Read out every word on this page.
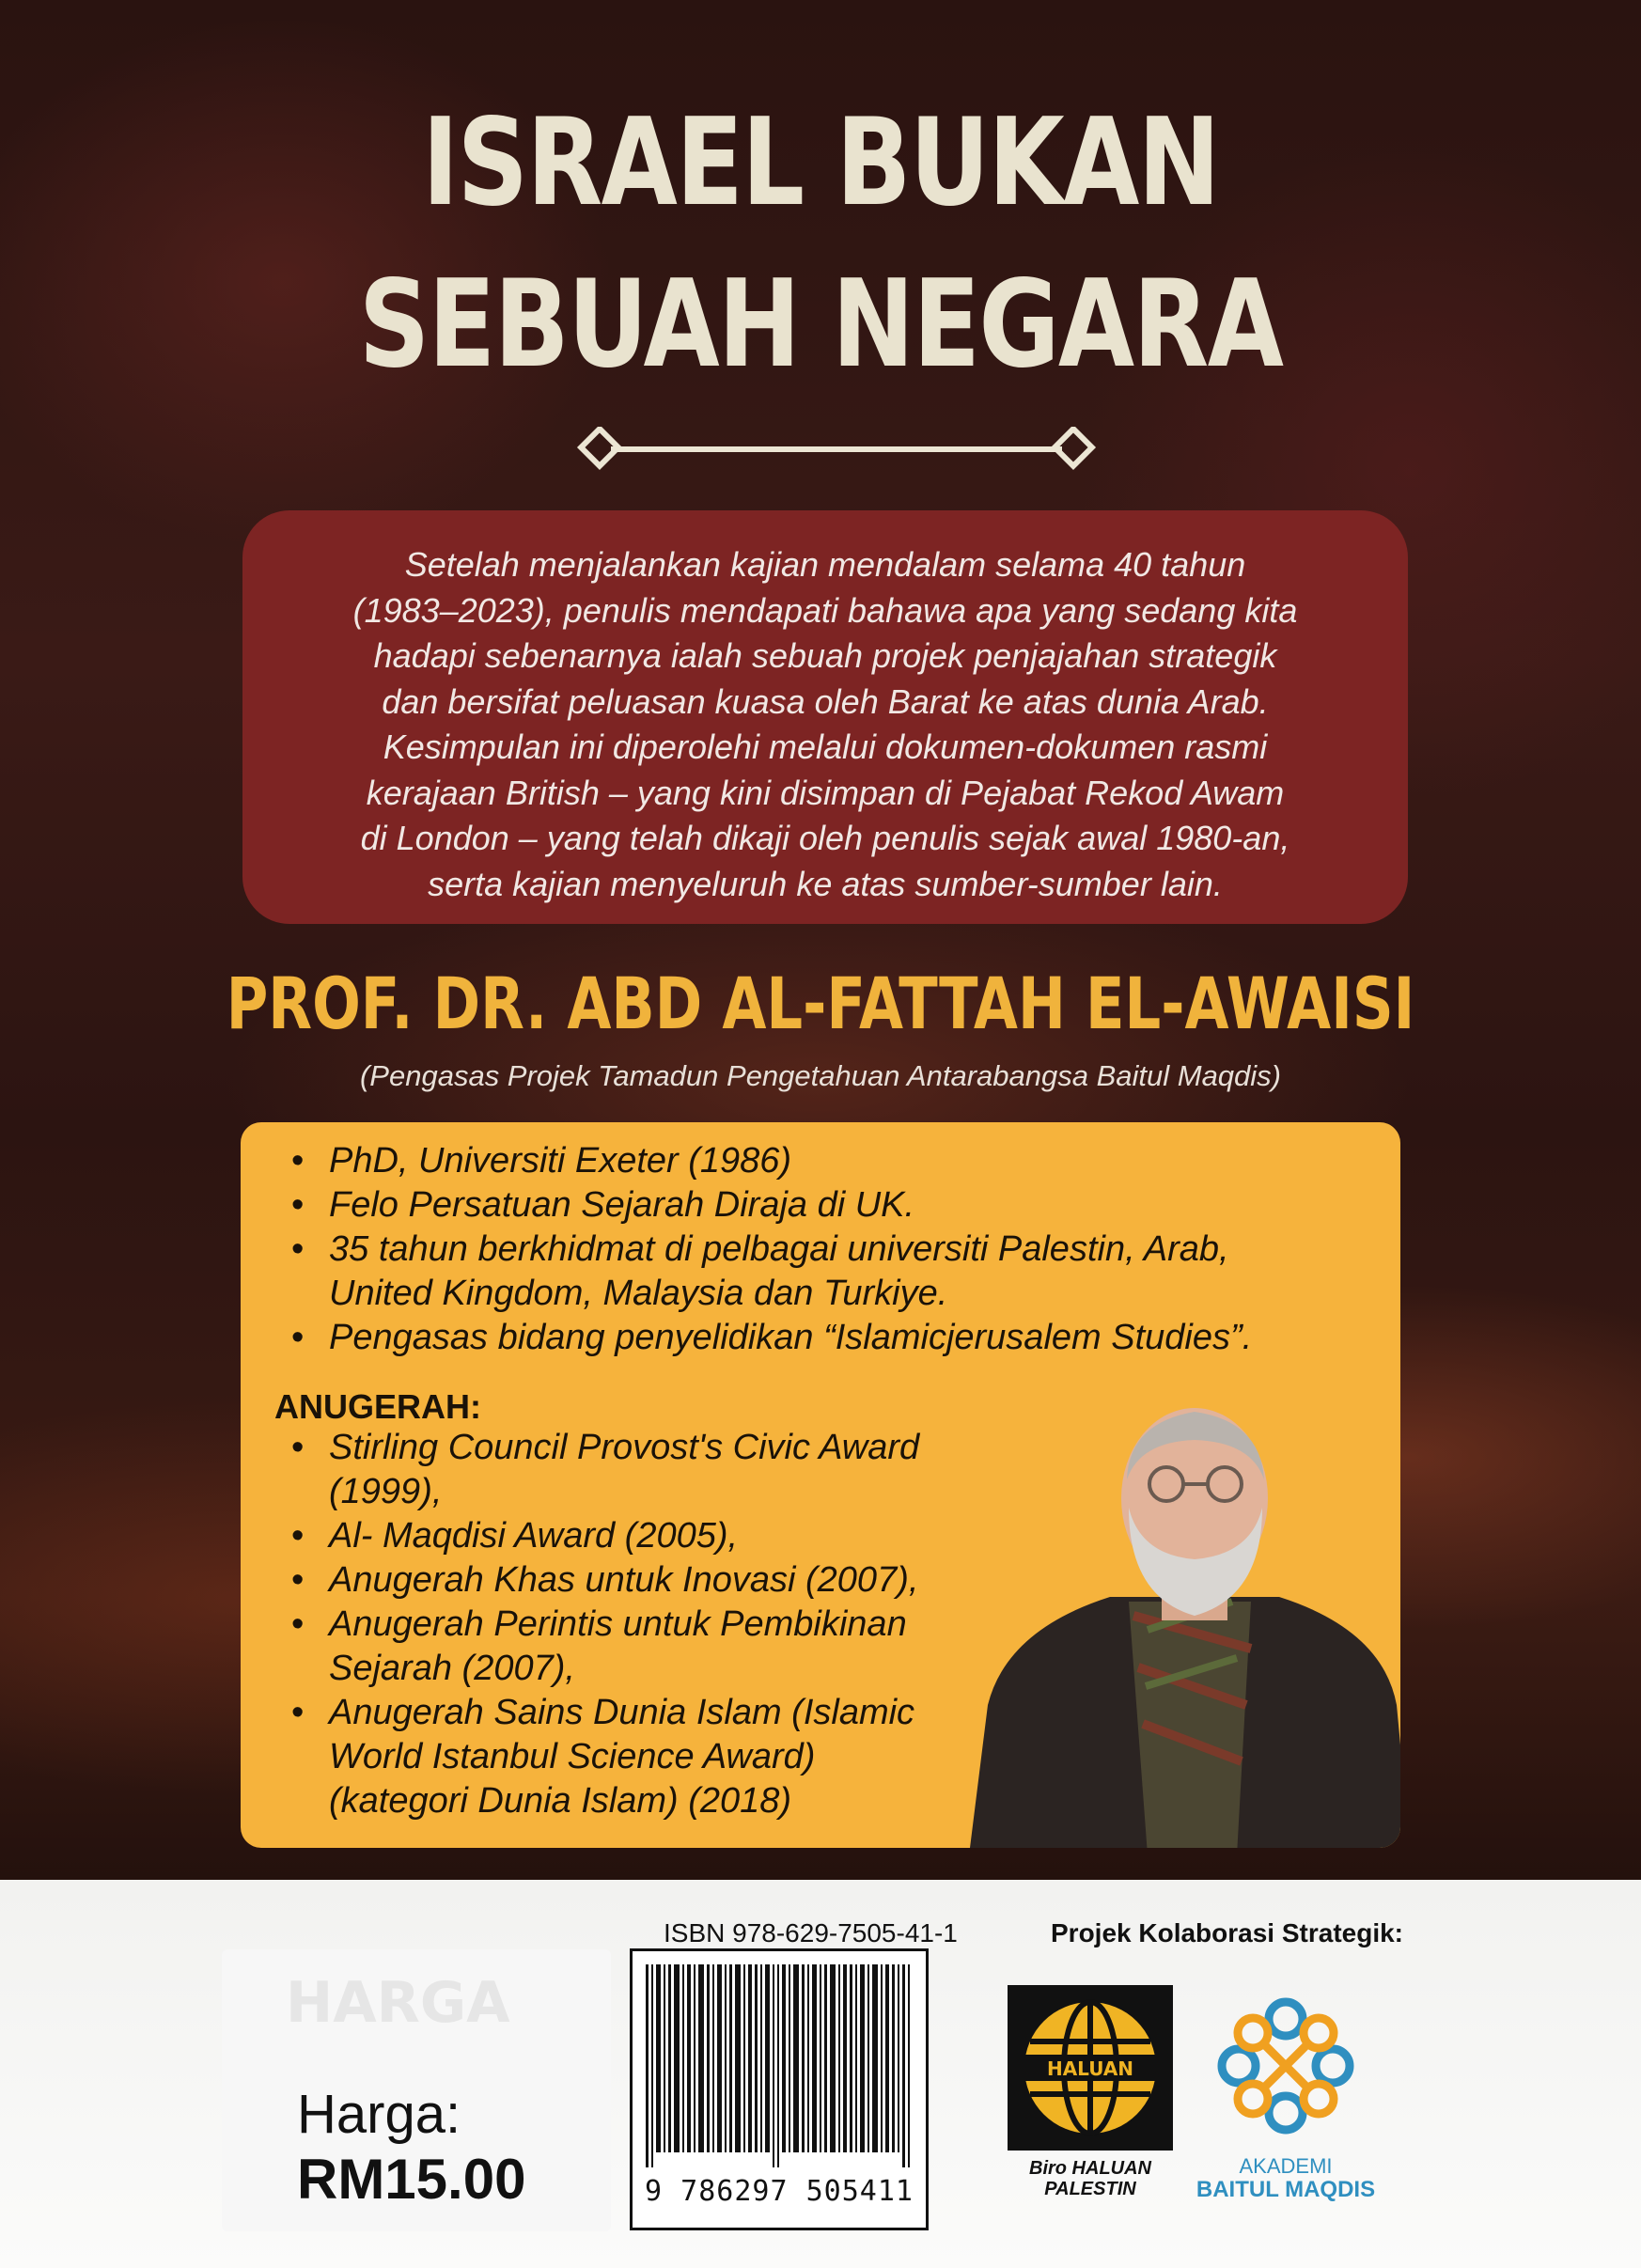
ISRAEL BUKAN
SEBUAH NEGARA
Setelah menjalankan kajian mendalam selama 40 tahun
(1983–2023), penulis mendapati bahawa apa yang sedang kita
hadapi sebenarnya ialah sebuah projek penjajahan strategik
dan bersifat peluasan kuasa oleh Barat ke atas dunia Arab.
Kesimpulan ini diperolehi melalui dokumen-dokumen rasmi
kerajaan British – yang kini disimpan di Pejabat Rekod Awam
di London – yang telah dikaji oleh penulis sejak awal 1980-an,
serta kajian menyeluruh ke atas sumber-sumber lain.
PROF. DR. ABD AL-FATTAH EL-AWAISI
(Pengasas Projek Tamadun Pengetahuan Antarabangsa Baitul Maqdis)
• PhD, Universiti Exeter (1986)
• Felo Persatuan Sejarah Diraja di UK.
• 35 tahun berkhidmat di pelbagai universiti Palestin, Arab,
United Kingdom, Malaysia dan Turkiye.
• Pengasas bidang penyelidikan “Islamicjerusalem Studies”.
ANUGERAH:
• Stirling Council Provost's Civic Award
(1999),
• Al- Maqdisi Award (2005),
• Anugerah Khas untuk Inovasi (2007),
• Anugerah Perintis untuk Pembikinan
Sejarah (2007),
• Anugerah Sains Dunia Islam (Islamic
World Istanbul Science Award)
(kategori Dunia Islam) (2018)
HARGA
Harga:
RM15.00
ISBN 978-629-7505-41-1
9 786297 505411
Projek Kolaborasi Strategik:
HALUAN
Biro HALUAN
PALESTIN
AKADEMI
BAITUL MAQDIS
